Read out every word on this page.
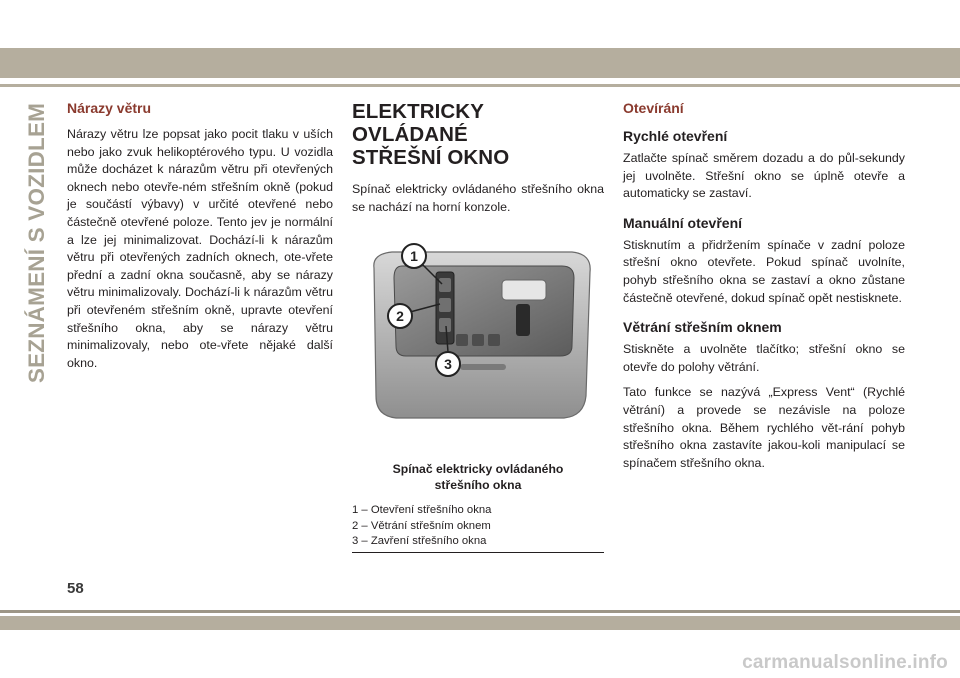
SEZNÁMENÍ S VOZIDLEM Nárazy větru

Nárazy větru lze popsat jako pocit tlaku v uších nebo jako zvuk helikoptérového typu. U vozidla může docházet k nárazům větru při otevřených oknech nebo otevře-ném střešním okně (pokud je součástí výbavy) v určité otevřené nebo částečně otevřené poloze. Tento jev je normální a lze jej minimalizovat. Dochází-li k nárazům větru při otevřených zadních oknech, ote-vřete přední a zadní okna současně, aby se nárazy větru minimalizovaly. Dochází-li k nárazům větru při otevřeném střešním okně, upravte otevření střešního okna, aby se nárazy větru minimalizovaly, nebo ote-vřete nějaké další okno.

ELEKTRICKY OVLÁDANÉ
STŘEŠNÍ OKNO

Spínač elektricky ovládaného střešního okna se nachází na horní konzole.

1
2
3
Spínač elektricky ovládaného
střešního okna

1 – Otevření střešního okna

2 – Větrání střešním oknem

3 – Zavření střešního okna

Otevírání
Rychlé otevření

Zatlačte spínač směrem dozadu a do půl-sekundy jej uvolněte. Střešní okno se úplně otevře a automaticky se zastaví.

Manuální otevření

Stisknutím a přidržením spínače v zadní poloze střešní okno otevřete. Pokud spínač uvolníte, pohyb střešního okna se zastaví a okno zůstane částečně otevřené, dokud spínač opět nestisknete.

Větrání střešním oknem

Stiskněte a uvolněte tlačítko; střešní okno se otevře do polohy větrání.

Tato funkce se nazývá „Express Vent“ (Rychlé větrání) a provede se nezávisle na poloze střešního okna. Během rychlého vět-rání pohyb střešního okna zastavíte jakou-koli manipulací se spínačem střešního okna.

58
carmanualsonline.info
